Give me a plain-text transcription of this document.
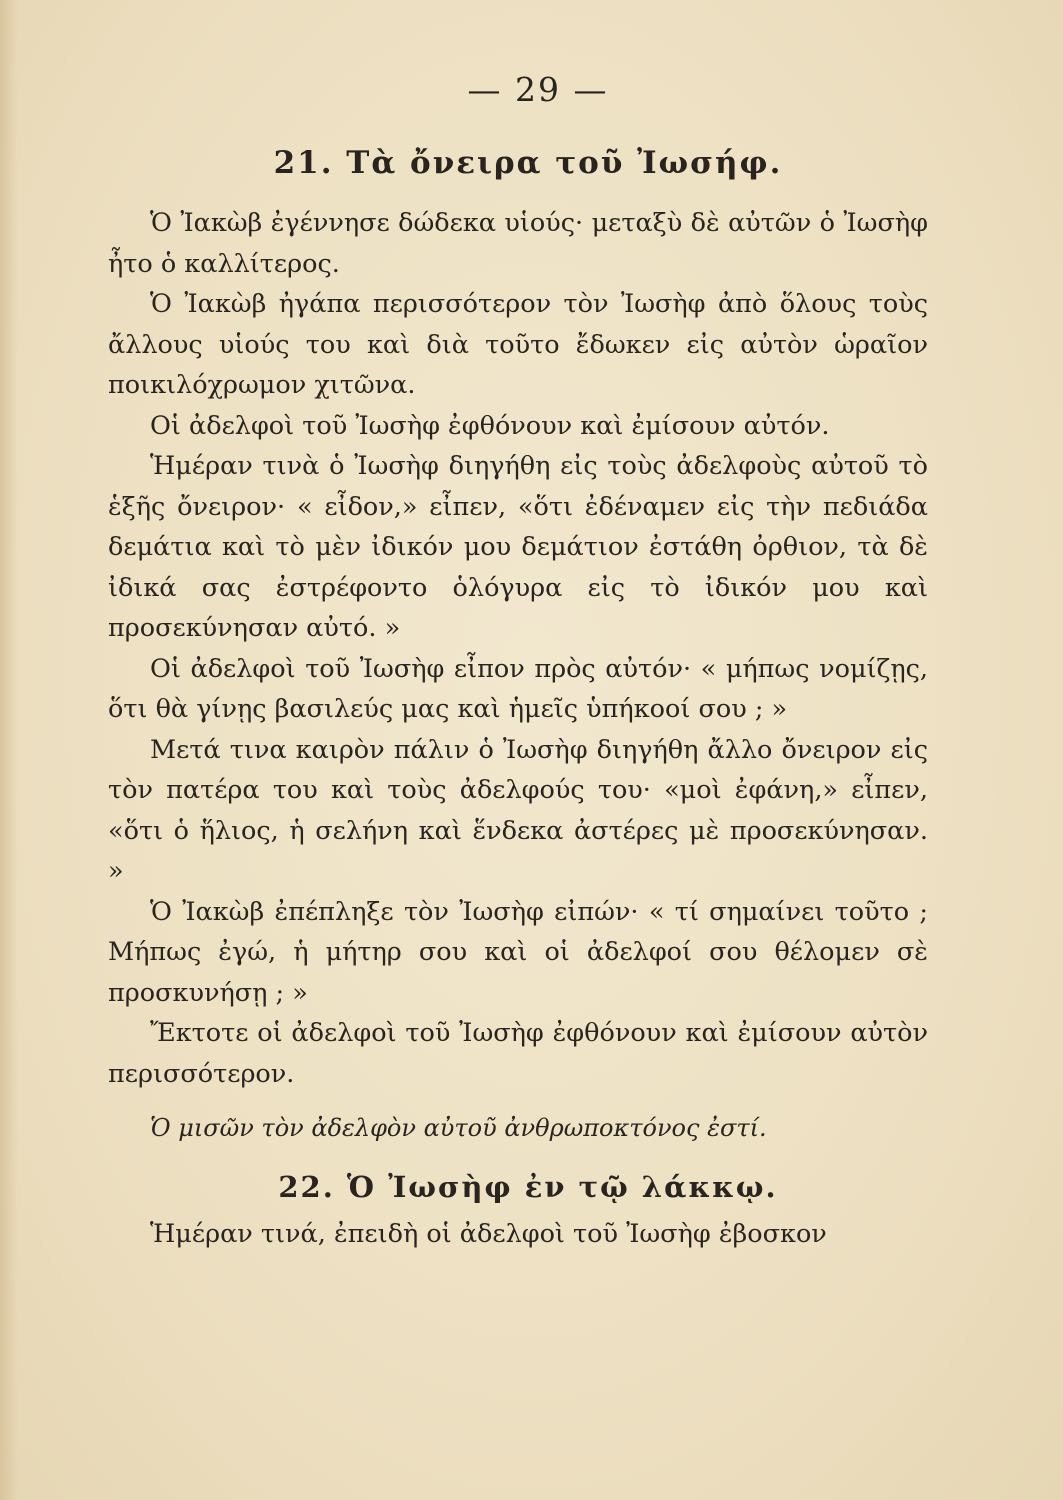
— 29 —
21. Τὰ ὄνειρα τοῦ Ἰωσήφ.

Ὁ Ἰακὼβ ἐγέννησε δώδεκα υἱούς· μεταξὺ δὲ αὐτῶν ὁ Ἰωσὴφ ἦτο ὁ καλλίτερος.

Ὁ Ἰακὼβ ἠγάπα περισσότερον τὸν Ἰωσὴφ ἀπὸ ὅλους τοὺς ἄλλους υἱούς του καὶ διὰ τοῦτο ἔδωκεν εἰς αὐτὸν ὡραῖον ποικιλόχρωμον χιτῶνα.

Οἱ ἀδελφοὶ τοῦ Ἰωσὴφ ἐφθόνουν καὶ ἐμίσουν αὐτόν.

Ἡμέραν τινὰ ὁ Ἰωσὴφ διηγήθη εἰς τοὺς ἀδελφοὺς αὐτοῦ τὸ ἑξῆς ὄνειρον· « εἶδον,» εἶπεν, «ὅτι ἐδέναμεν εἰς τὴν πεδιάδα δεμάτια καὶ τὸ μὲν ἰδικόν μου δεμάτιον ἐστάθη ὀρθιον, τὰ δὲ ἰδικά σας ἐστρέφοντο ὁλόγυρα εἰς τὸ ἰδικόν μου καὶ προσεκύνησαν αὐτό. »

Οἱ ἀδελφοὶ τοῦ Ἰωσὴφ εἶπον πρὸς αὐτόν· « μήπως νομίζῃς, ὅτι θὰ γίνῃς βασιλεύς μας καὶ ἡμεῖς ὑπήκοοί σου ; »

Μετά τινα καιρὸν πάλιν ὁ Ἰωσὴφ διηγήθη ἄλλο ὄνειρον εἰς τὸν πατέρα του καὶ τοὺς ἀδελφούς του· «μοὶ ἐφάνη,» εἶπεν, «ὅτι ὁ ἥλιος, ἡ σελήνη καὶ ἕνδεκα ἀστέρες μὲ προσεκύνησαν. »

Ὁ Ἰακὼβ ἐπέπληξε τὸν Ἰωσὴφ εἰπών· « τί σημαίνει τοῦτο ; Μήπως ἐγώ, ἡ μήτηρ σου καὶ οἱ ἀδελφοί σου θέλομεν σὲ προσκυνήσῃ ; »

Ἔκτοτε οἱ ἀδελφοὶ τοῦ Ἰωσὴφ ἐφθόνουν καὶ ἐμίσουν αὐτὸν περισσότερον.

Ὁ μισῶν τὸν ἀδελφὸν αὐτοῦ ἀνθρωποκτόνος ἐστί.
22. Ὁ Ἰωσὴφ ἐν τῷ λάκκῳ.

Ἡμέραν τινά, ἐπειδὴ οἱ ἀδελφοὶ τοῦ Ἰωσὴφ ἐβοσκον
